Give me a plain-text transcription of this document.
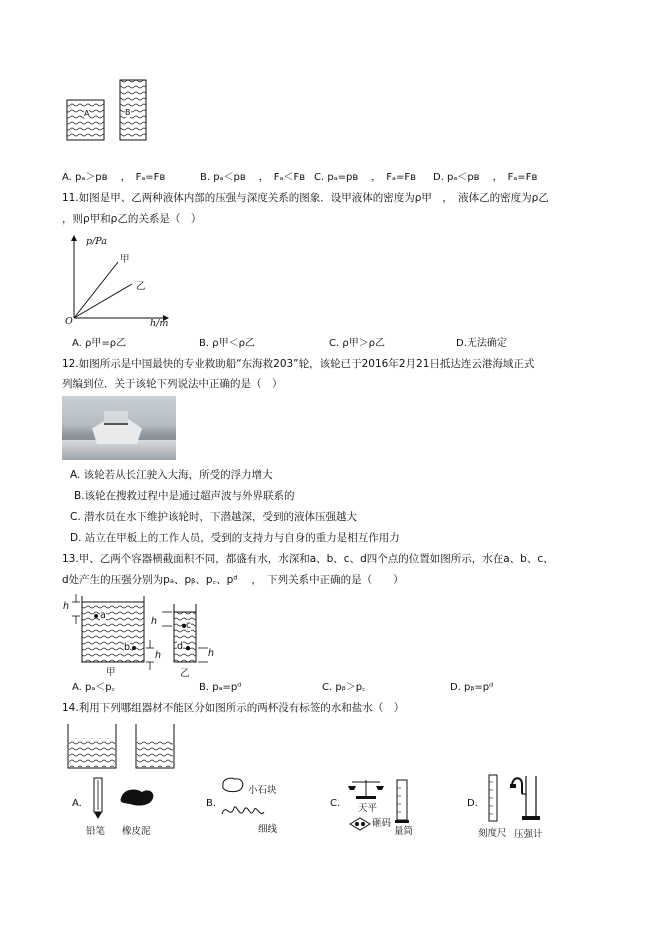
A	B
A. pₐ＞pʙ　 ，　Fₐ=Fʙ	B. pₐ＜pʙ　 ，　Fₐ＜Fʙ C. pₐ=pʙ　 ，　Fₐ=Fʙ D. pₐ＜pʙ　 ，　Fₐ=Fʙ
11.如图是甲、乙两种液体内部的压强与深度关系的图象．设甲液体的密度为ρ甲　，　液体乙的密度为ρ乙
，则ρ甲和ρ乙的关系是（　）
p/Pa
h/m
O
甲
乙
A. ρ甲=ρ乙	B. ρ甲＜ρ乙	C. ρ甲＞ρ乙	D.无法确定
12.如图所示是中国最快的专业救助船“东海救203”轮，该轮已于2016年2月21日抵达连云港海域正式
列编到位．关于该轮下列说法中正确的是（　）
A. 该轮若从长江驶入大海，所受的浮力增大
B.该轮在搜救过程中是通过超声波与外界联系的
C. 潜水员在水下维护该轮时，下潜越深，受到的液体压强越大
D. 站立在甲板上的工作人员，受到的支持力与自身的重力是相互作用力
13.甲、乙两个容器横截面积不同，都盛有水，水深和a、b、c、d四个点的位置如图所示，水在a、b、c、
d处产生的压强分别为pₐ、pᵦ、p꜀、pᵈ　 ，　下列关系中正确的是（　　）
h
a
b
h
h	c
d
h
甲	乙
A. pₐ＜p꜀	B. pₐ=pᵈ	C. pᵦ＞p꜀	D. pᵦ=pᵈ
14.利用下列哪组器材不能区分如图所示的两杯没有标签的水和盐水（　）
A.
铅笔 橡皮泥
B.
小石块
细线
C. 天平
砸码
量筒
D.
刻度尺 压强计
